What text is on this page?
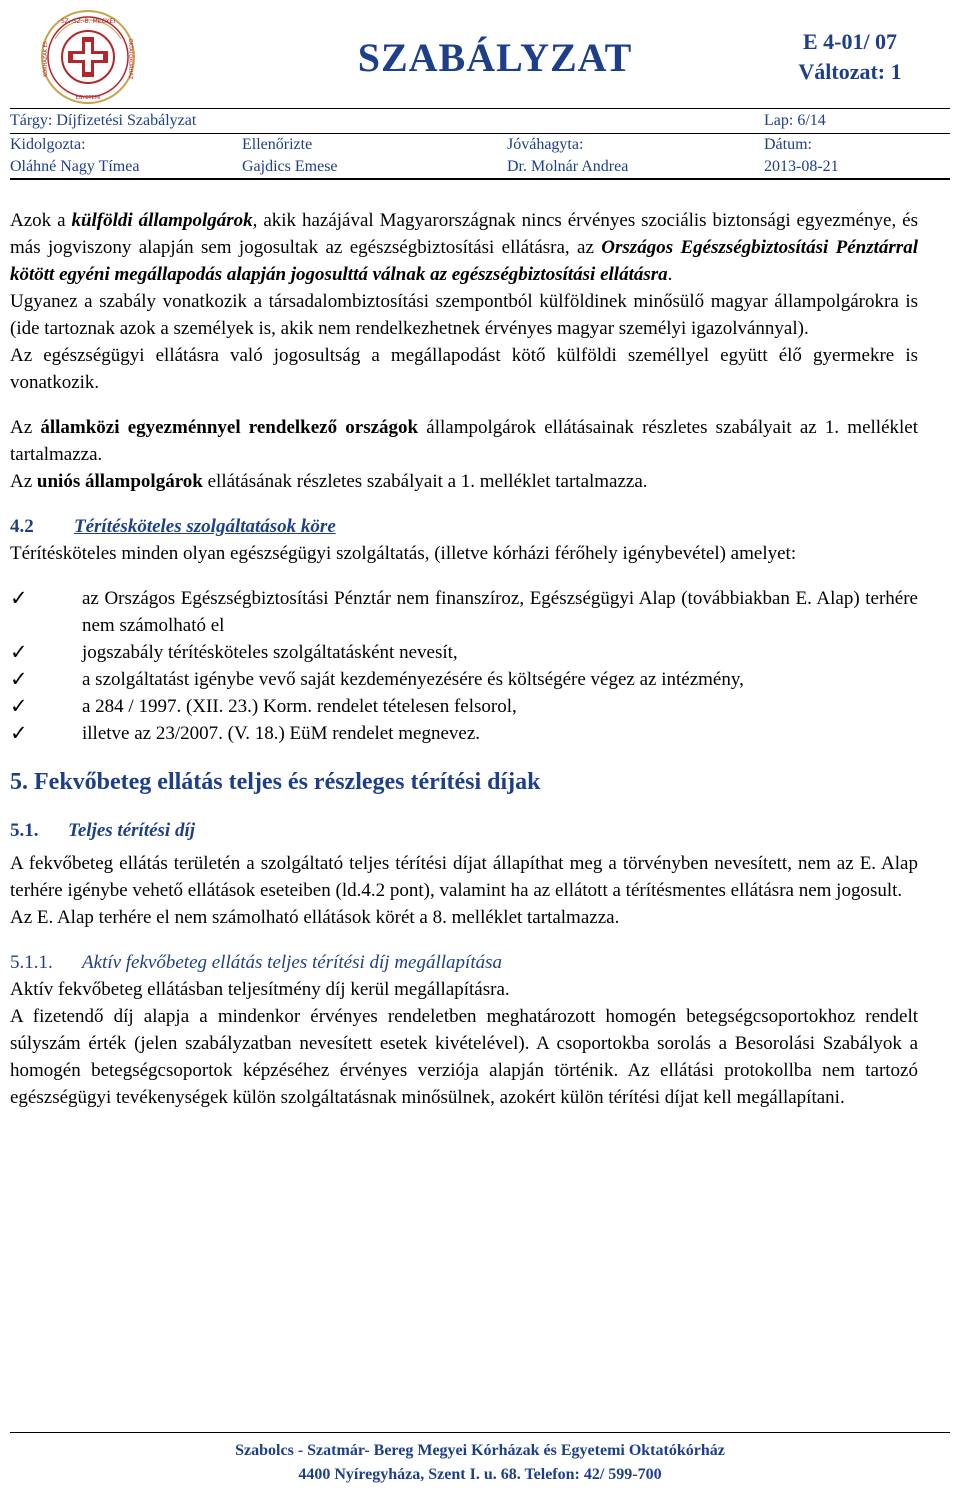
SZ.-SZ.-B. MEGYEI
EGYETEMI
KÓRHÁZAK ÉS	OKTATÓKÓRHÁZ	SZABÁLYZAT	E 4-01/ 07
Változat: 1
Tárgy: Díjfizetési Szabályzat	Lap: 6/14
Kidolgozta:	Ellenőrizte	Jóváhagyta:	Dátum:
Oláhné Nagy Tímea	Gajdics Emese	Dr. Molnár Andrea	2013-08-21

Azok a külföldi állampolgárok, akik hazájával Magyarországnak nincs érvényes szociális biztonsági egyezménye, és más jogviszony alapján sem jogosultak az egészségbiztosítási ellátásra, az Országos Egészségbiztosítási Pénztárral kötött egyéni megállapodás alapján jogosulttá válnak az egészségbiztosítási ellátásra.

Ugyanez a szabály vonatkozik a társadalombiztosítási szempontból külföldinek minősülő magyar állampolgárokra is (ide tartoznak azok a személyek is, akik nem rendelkezhetnek érvényes magyar személyi igazolvánnyal).

Az egészségügyi ellátásra való jogosultság a megállapodást kötő külföldi személlyel együtt élő gyermekre is vonatkozik.

Az államközi egyezménnyel rendelkező országok állampolgárok ellátásainak részletes szabályait az 1. melléklet tartalmazza.

Az uniós állampolgárok ellátásának részletes szabályait a 1. melléklet tartalmazza.

4.2 Térítésköteles szolgáltatások köre

Térítésköteles minden olyan egészségügyi szolgáltatás, (illetve kórházi férőhely igénybevétel) amelyet:

✓	az Országos Egészségbiztosítási Pénztár nem finanszíroz, Egészségügyi Alap (továbbiakban E. Alap) terhére nem számolható el
✓	jogszabály térítésköteles szolgáltatásként nevesít,
✓	a szolgáltatást igénybe vevő saját kezdeményezésére és költségére végez az intézmény,
✓	a 284 / 1997. (XII. 23.) Korm. rendelet tételesen felsorol,
✓	illetve az 23/2007. (V. 18.) EüM rendelet megnevez.

5. Fekvőbeteg ellátás teljes és részleges térítési díjak

5.1. Teljes térítési díj

A fekvőbeteg ellátás területén a szolgáltató teljes térítési díjat állapíthat meg a törvényben nevesített, nem az E. Alap terhére igénybe vehető ellátások eseteiben (ld.4.2 pont), valamint ha az ellátott a térítésmentes ellátásra nem jogosult.

Az E. Alap terhére el nem számolható ellátások körét a 8. melléklet tartalmazza.

5.1.1. Aktív fekvőbeteg ellátás teljes térítési díj megállapítása

Aktív fekvőbeteg ellátásban teljesítmény díj kerül megállapításra.

A fizetendő díj alapja a mindenkor érvényes rendeletben meghatározott homogén betegségcsoportokhoz rendelt súlyszám érték (jelen szabályzatban nevesített esetek kivételével). A csoportokba sorolás a Besorolási Szabályok a homogén betegségcsoportok képzéséhez érvényes verziója alapján történik. Az ellátási protokollba nem tartozó egészségügyi tevékenységek külön szolgáltatásnak minősülnek, azokért külön térítési díjat kell megállapítani.

Szabolcs - Szatmár- Bereg Megyei Kórházak és Egyetemi Oktatókórház
4400 Nyíregyháza, Szent I. u. 68. Telefon: 42/ 599-700
